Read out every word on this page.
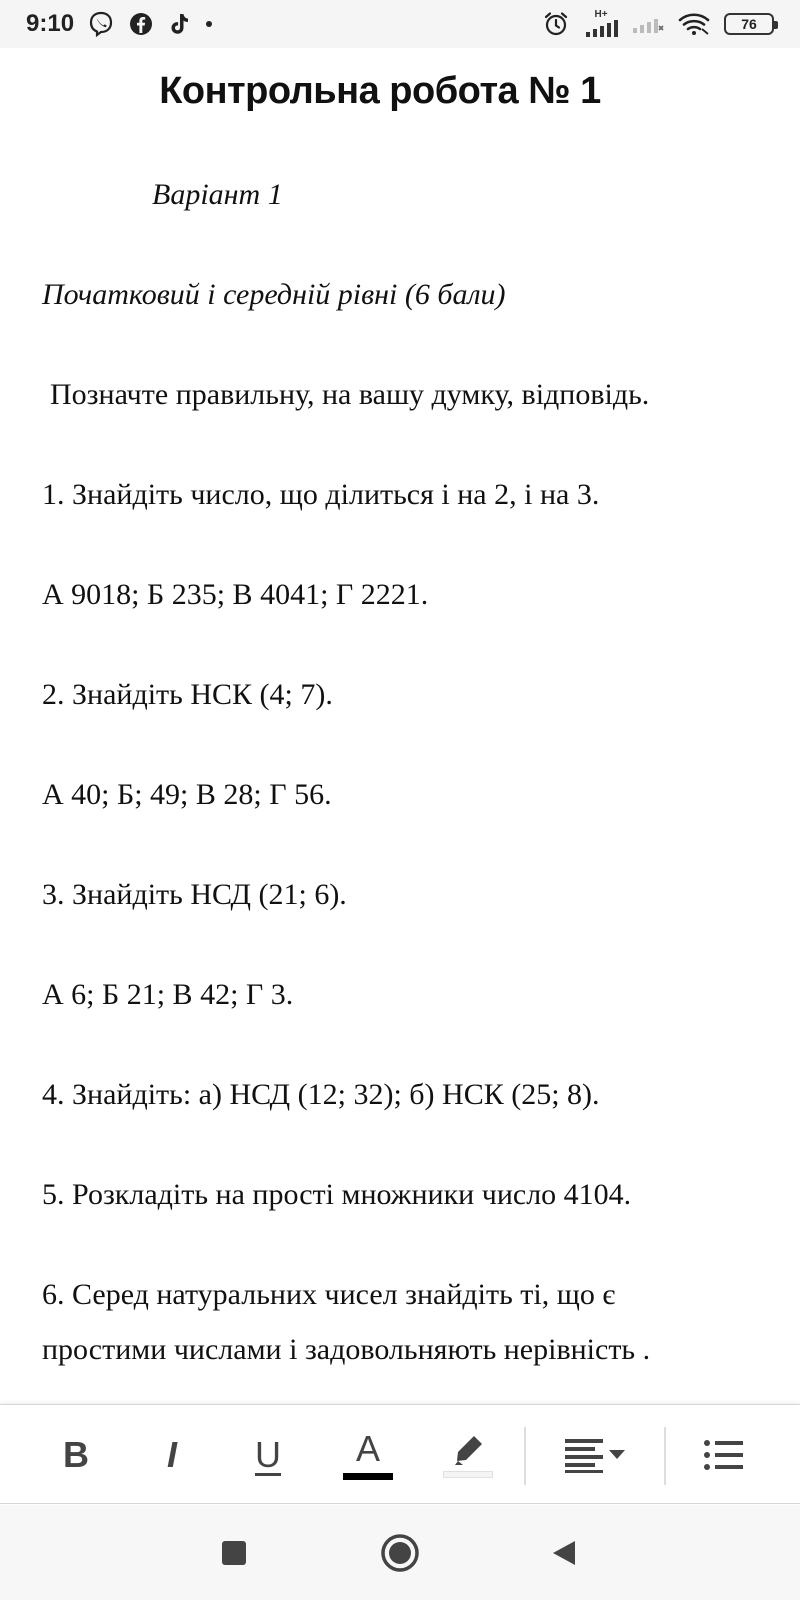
9:10	H+
76
Контрольна робота № 1
Варіант 1
Початковий і середній рівні (6 бали)
Позначте правильну, на вашу думку, відповідь.
1. Знайдіть число, що ділиться і на 2, і на 3.
А 9018; Б 235; В 4041; Г 2221.
2. Знайдіть НСК (4; 7).
А 40; Б; 49; В 28; Г 56.
3. Знайдіть НСД (21; 6).
А 6; Б 21; В 42; Г 3.
4. Знайдіть: а) НСД (12; 32); б) НСК (25; 8).
5. Розкладіть на прості множники число 4104.
6. Серед натуральних чисел знайдіть ті, що є
простими числами і задовольняють нерівність .
B I U A
